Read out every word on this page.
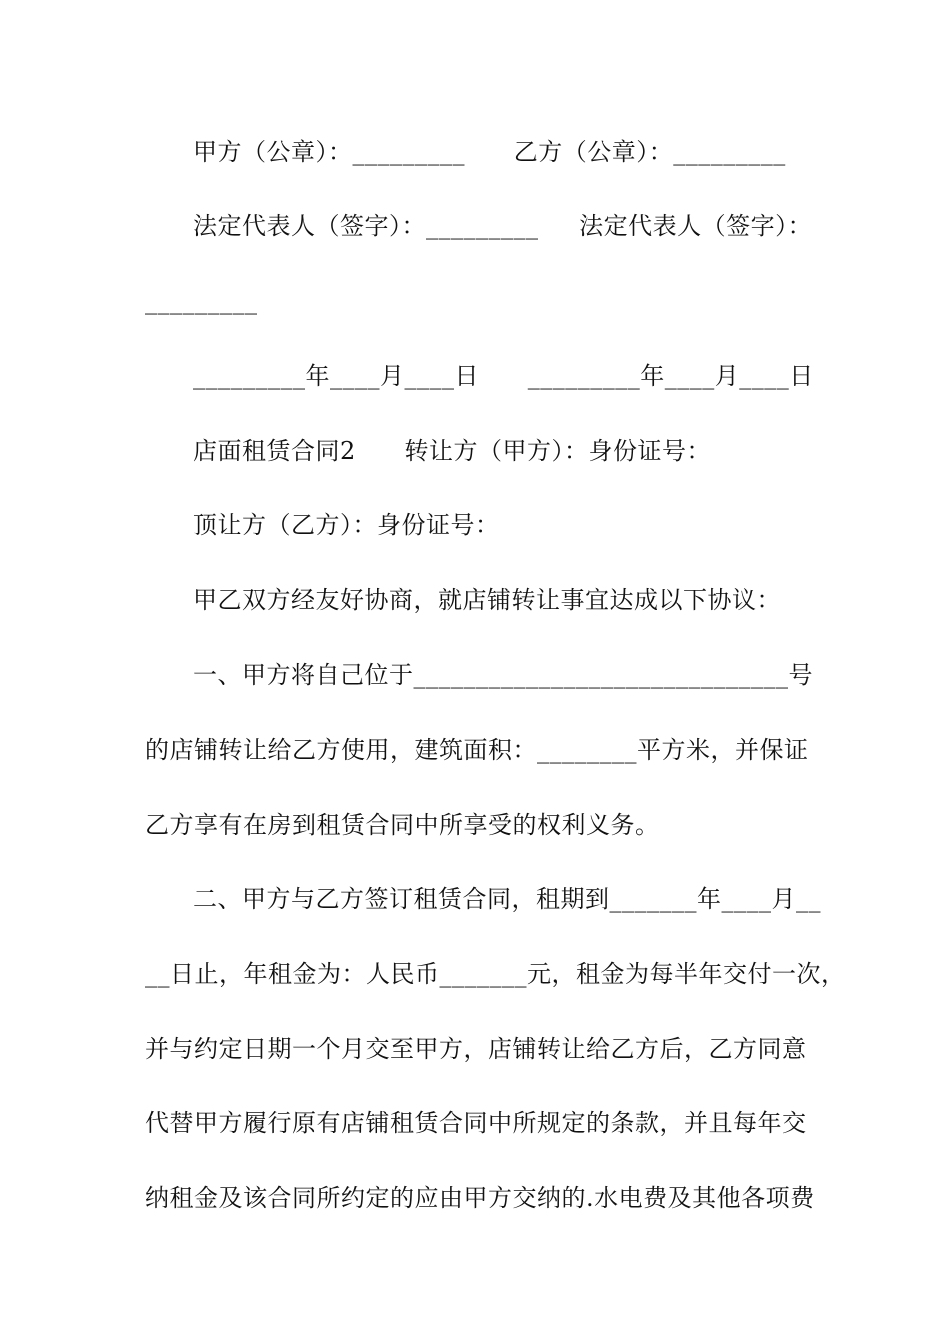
甲方（公章）：_________      乙方（公章）：_________
法定代表人（签字）：_________     法定代表人（签字）：
_________
_________年____月____日      _________年____月____日
店面租赁合同2      转让方（甲方）：身份证号：
顶让方（乙方）：身份证号：
甲乙双方经友好协商，就店铺转让事宜达成以下协议：
一、甲方将自己位于______________________________号
的店铺转让给乙方使用，建筑面积：________平方米，并保证
乙方享有在房到租赁合同中所享受的权利义务。
二、甲方与乙方签订租赁合同，租期到_______年____月__
__日止，年租金为：人民币_______元，租金为每半年交付一次，
并与约定日期一个月交至甲方，店铺转让给乙方后，乙方同意
代替甲方履行原有店铺租赁合同中所规定的条款，并且每年交
纳租金及该合同所约定的应由甲方交纳的.水电费及其他各项费
